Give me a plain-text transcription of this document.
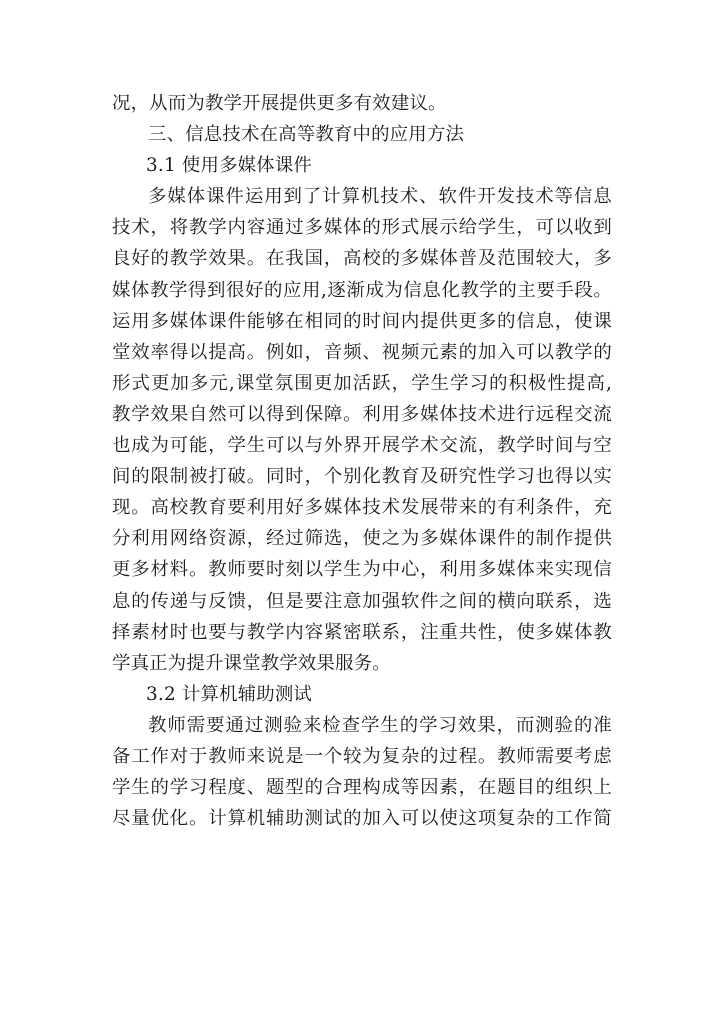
况，从而为教学开展提供更多有效建议。
三、信息技术在高等教育中的应用方法
3.1 使用多媒体课件
多媒体课件运用到了计算机技术、软件开发技术等信息
技术，将教学内容通过多媒体的形式展示给学生，可以收到
良好的教学效果。在我国，高校的多媒体普及范围较大，多
媒体教学得到很好的应用,逐渐成为信息化教学的主要手段。
运用多媒体课件能够在相同的时间内提供更多的信息，使课
堂效率得以提高。例如，音频、视频元素的加入可以教学的
形式更加多元,课堂氛围更加活跃，学生学习的积极性提高,
教学效果自然可以得到保障。利用多媒体技术进行远程交流
也成为可能，学生可以与外界开展学术交流，教学时间与空
间的限制被打破。同时，个别化教育及研究性学习也得以实
现。高校教育要利用好多媒体技术发展带来的有利条件，充
分利用网络资源，经过筛选，使之为多媒体课件的制作提供
更多材料。教师要时刻以学生为中心，利用多媒体来实现信
息的传递与反馈，但是要注意加强软件之间的横向联系，选
择素材时也要与教学内容紧密联系，注重共性，使多媒体教
学真正为提升课堂教学效果服务。
3.2 计算机辅助测试
教师需要通过测验来检查学生的学习效果，而测验的准
备工作对于教师来说是一个较为复杂的过程。教师需要考虑
学生的学习程度、题型的合理构成等因素，在题目的组织上
尽量优化。计算机辅助测试的加入可以使这项复杂的工作简
